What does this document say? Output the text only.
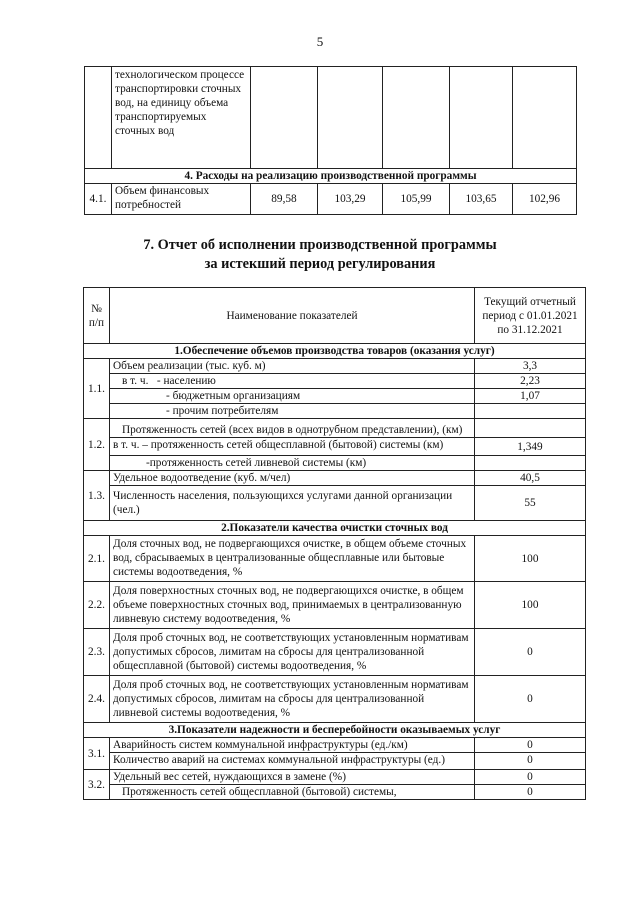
5
	технологическом процессе транспортировки сточных вод, на единицу объема транспортируемых сточных вод					
4. Расходы на реализацию производственной программы						
4.1.	Объем финансовых потребностей	89,58	103,29	105,99	103,65	102,96
7. Отчет об исполнении производственной программы
за истекший период регулирования
№ п/п	Наименование показателей	Текущий отчетный период с 01.01.2021 по 31.12.2021
1.Обеспечение объемов производства товаров (оказания услуг)		
1.1.	Объем реализации (тыс. куб. м)	3,3
	в т. ч.   - населению	2,23
	- бюджетным организациям	1,07
	- прочим потребителям	
1.2.	Протяженность сетей (всех видов в однотрубном представлении), (км)	
	в т. ч. – протяженность сетей общесплавной (бытовой) системы (км)	1,349
	-протяженность сетей ливневой системы (км)	
1.3.	Удельное водоотведение (куб. м/чел)	40,5
	Численность населения, пользующихся услугами данной организации (чел.)	55
2.Показатели качества очистки сточных вод		
2.1.	Доля сточных вод, не подвергающихся очистке, в общем объеме сточных вод, сбрасываемых в централизованные общесплавные или бытовые системы водоотведения, %	100
2.2.	Доля поверхностных сточных вод, не подвергающихся очистке, в общем объеме поверхностных сточных вод, принимаемых в централизованную ливневую систему водоотведения, %	100
2.3.	Доля проб сточных вод, не соответствующих установленным нормативам допустимых сбросов, лимитам на сбросы для централизованной общесплавной (бытовой) системы водоотведения, %	0
2.4.	Доля проб сточных вод, не соответствующих установленным нормативам допустимых сбросов, лимитам на сбросы для централизованной ливневой системы водоотведения, %	0
3.Показатели надежности и бесперебойности оказываемых услуг		
3.1.	Аварийность систем коммунальной инфраструктуры (ед./км)	0
	Количество аварий на системах коммунальной инфраструктуры (ед.)	0
3.2.	Удельный вес сетей, нуждающихся в замене (%)	0
	Протяженность сетей общесплавной (бытовой) системы,	0
